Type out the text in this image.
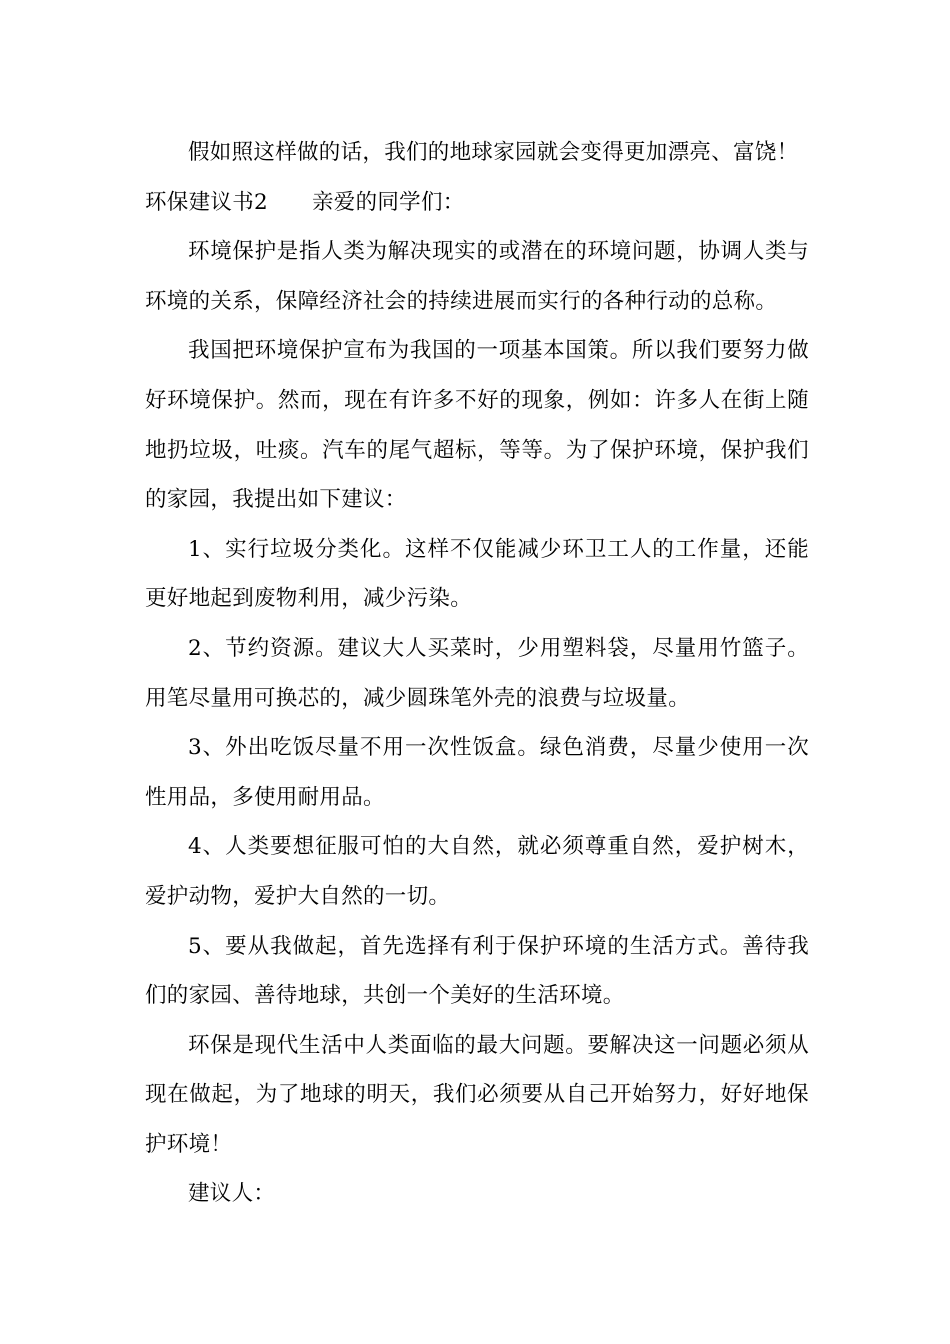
假如照这样做的话，我们的地球家园就会变得更加漂亮、富饶！

环保建议书2 亲爱的同学们：

环境保护是指人类为解决现实的或潜在的环境问题，协调人类与环境的关系，保障经济社会的持续进展而实行的各种行动的总称。

我国把环境保护宣布为我国的一项基本国策。所以我们要努力做好环境保护。然而，现在有许多不好的现象，例如：许多人在街上随地扔垃圾，吐痰。汽车的尾气超标，等等。为了保护环境，保护我们的家园，我提出如下建议：

1、实行垃圾分类化。这样不仅能减少环卫工人的工作量，还能更好地起到废物利用，减少污染。

2、节约资源。建议大人买菜时，少用塑料袋，尽量用竹篮子。用笔尽量用可换芯的，减少圆珠笔外壳的浪费与垃圾量。

3、外出吃饭尽量不用一次性饭盒。绿色消费，尽量少使用一次性用品，多使用耐用品。

4、人类要想征服可怕的大自然，就必须尊重自然，爱护树木，爱护动物，爱护大自然的一切。

5、要从我做起，首先选择有利于保护环境的生活方式。善待我们的家园、善待地球，共创一个美好的生活环境。

环保是现代生活中人类面临的最大问题。要解决这一问题必须从现在做起，为了地球的明天，我们必须要从自己开始努力，好好地保护环境！

建议人：
